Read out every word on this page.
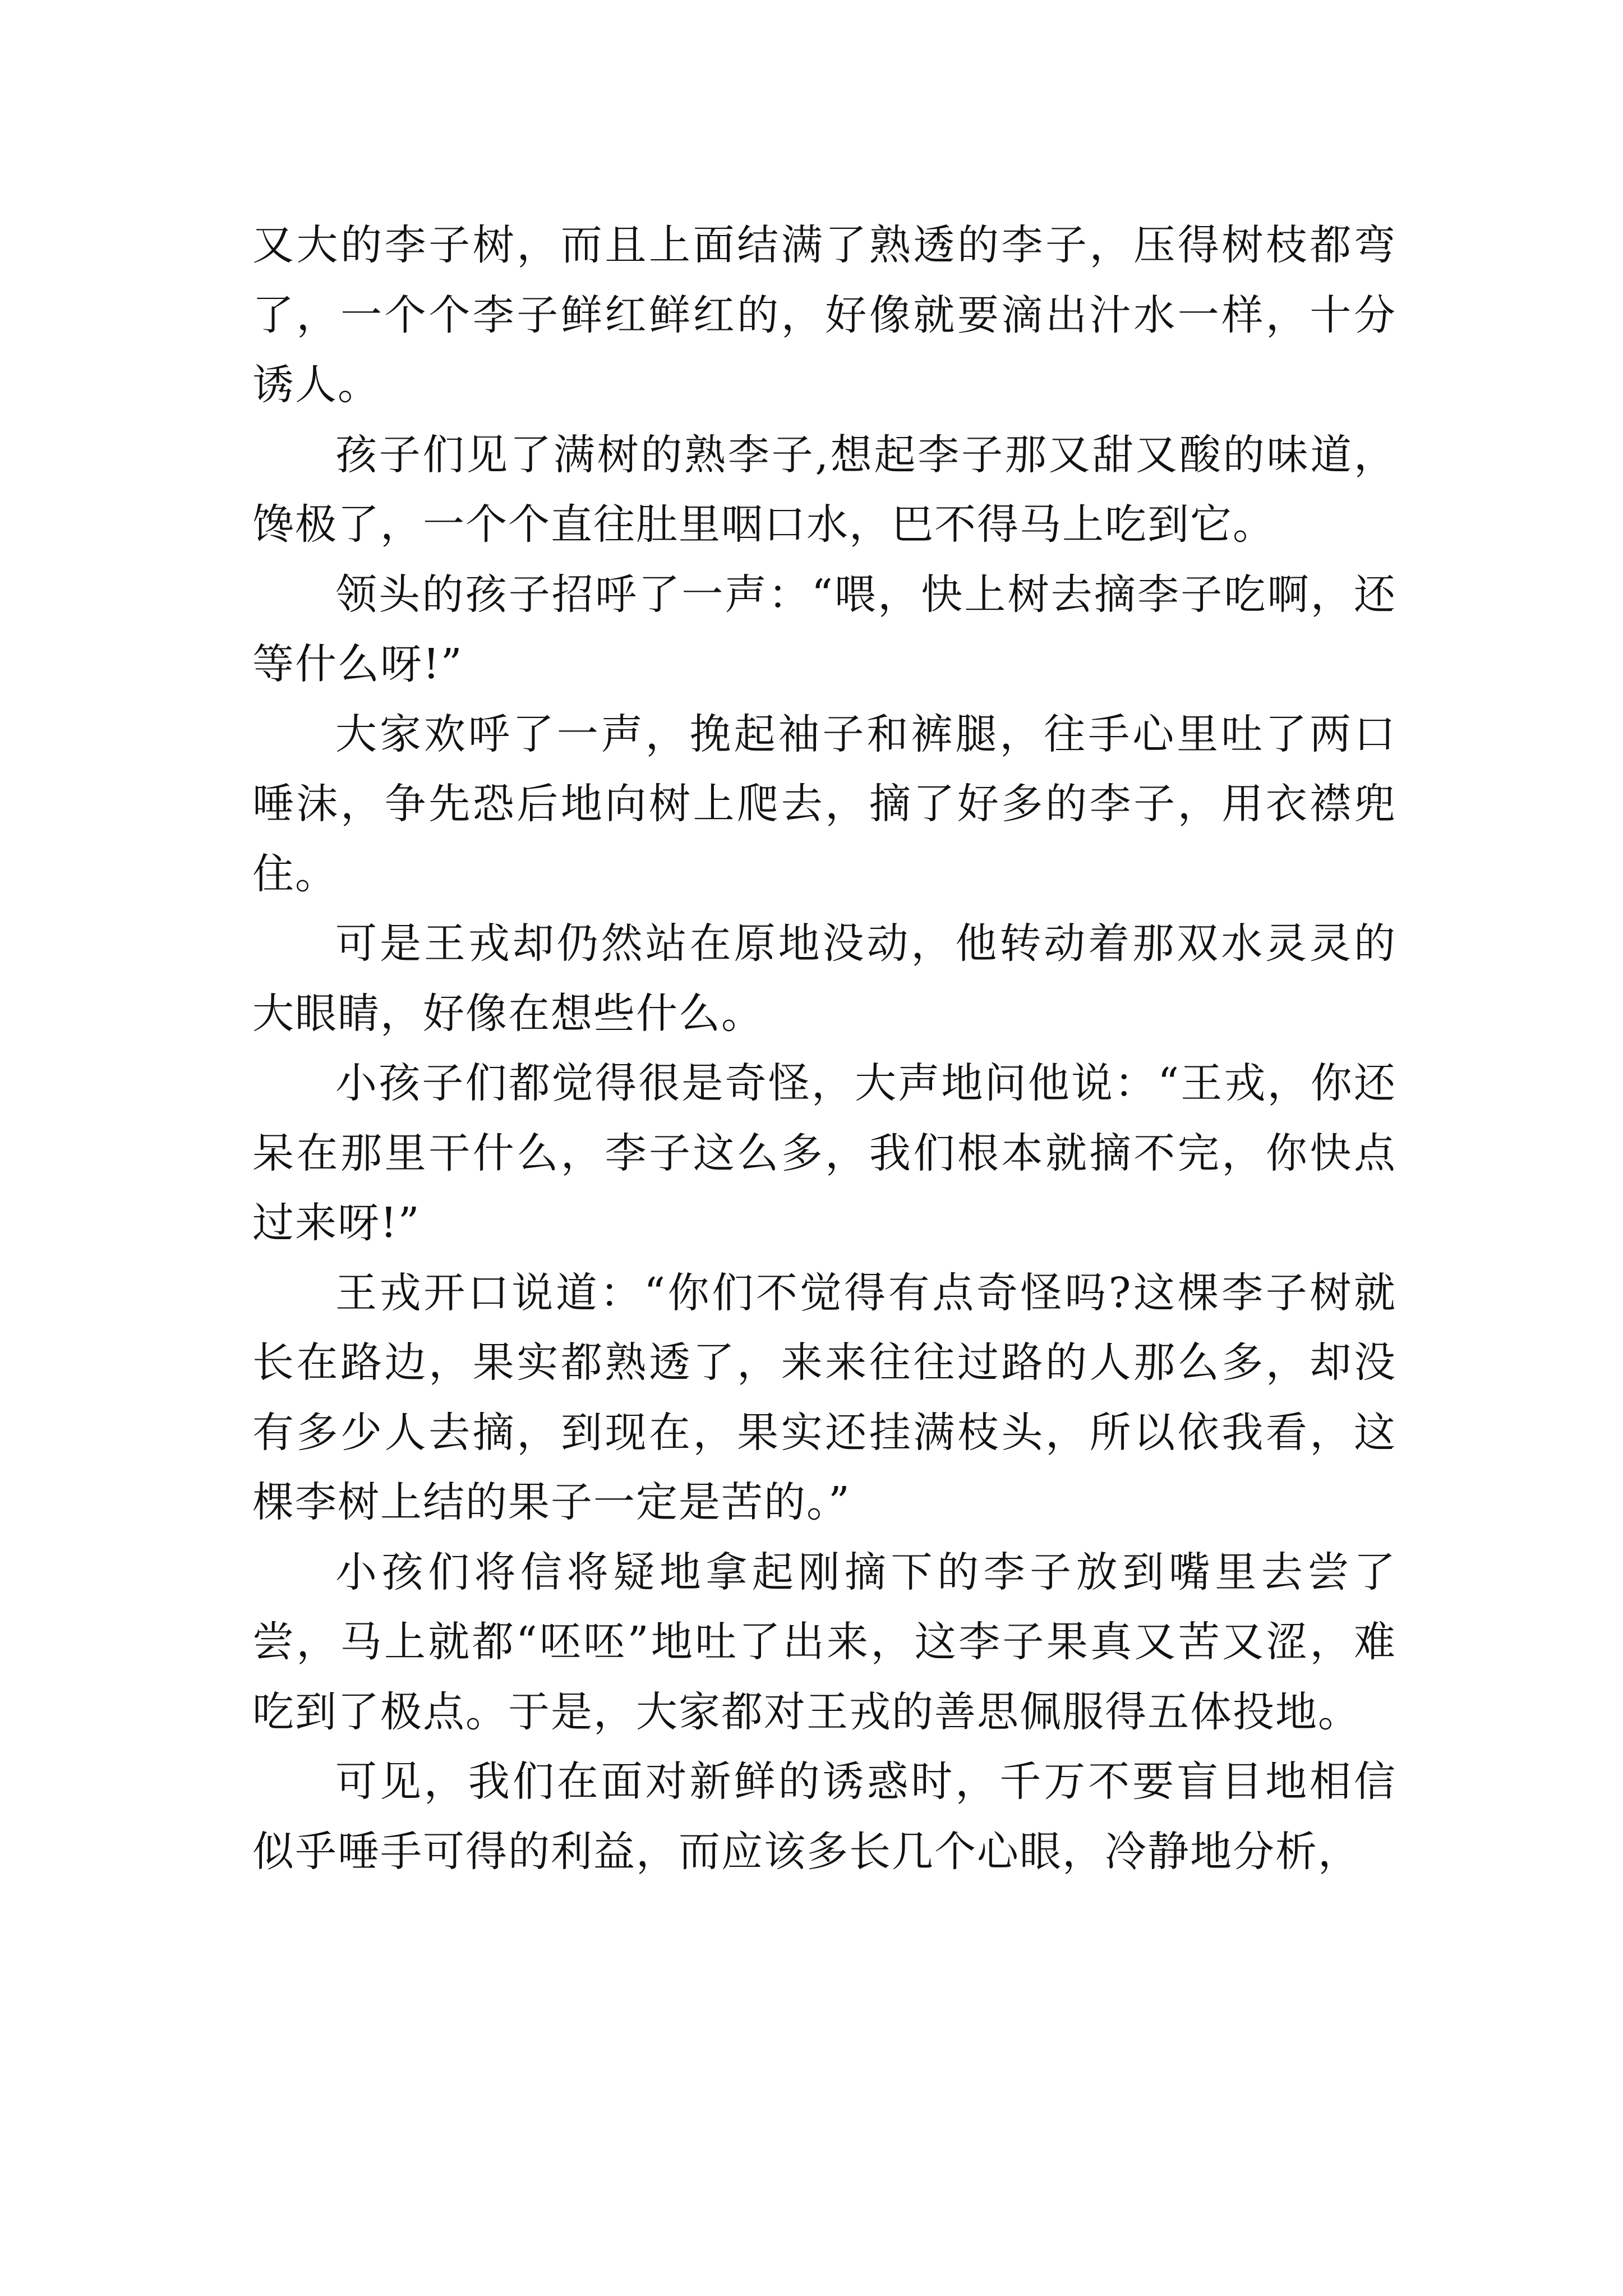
又大的李子树，而且上面结满了熟透的李子，压得树枝都弯了，一个个李子鲜红鲜红的，好像就要滴出汁水一样，十分诱人。

孩子们见了满树的熟李子,想起李子那又甜又酸的味道，馋极了，一个个直往肚里咽口水，巴不得马上吃到它。

领头的孩子招呼了一声：“喂，快上树去摘李子吃啊，还等什么呀!”

大家欢呼了一声，挽起袖子和裤腿，往手心里吐了两口唾沫，争先恐后地向树上爬去，摘了好多的李子，用衣襟兜住。

可是王戎却仍然站在原地没动，他转动着那双水灵灵的大眼睛，好像在想些什么。

小孩子们都觉得很是奇怪，大声地问他说：“王戎，你还呆在那里干什么，李子这么多，我们根本就摘不完，你快点过来呀!”

王戎开口说道：“你们不觉得有点奇怪吗?这棵李子树就长在路边，果实都熟透了，来来往往过路的人那么多，却没有多少人去摘，到现在，果实还挂满枝头，所以依我看，这棵李树上结的果子一定是苦的。”

小孩们将信将疑地拿起刚摘下的李子放到嘴里去尝了尝，马上就都“呸呸”地吐了出来，这李子果真又苦又涩，难吃到了极点。于是，大家都对王戎的善思佩服得五体投地。

可见，我们在面对新鲜的诱惑时，千万不要盲目地相信似乎唾手可得的利益，而应该多长几个心眼，冷静地分析，
